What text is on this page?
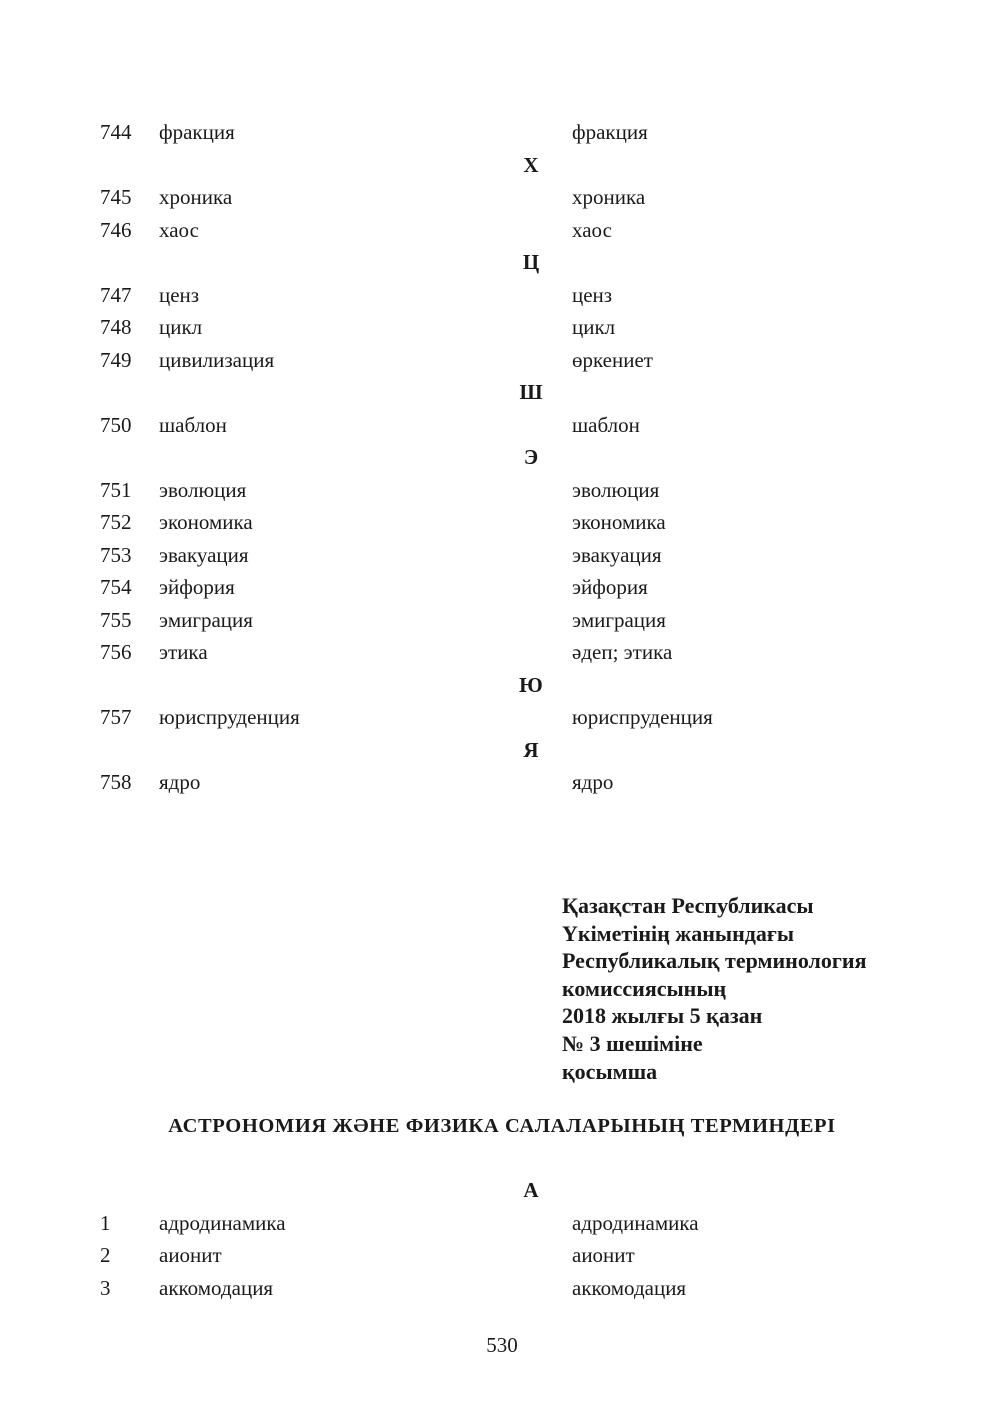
744 фракция	фракция
Х
745 хроника	хроника
746 хаос	хаос
Ц
747 ценз	ценз
748 цикл	цикл
749 цивилизация	өркениет
Ш
750 шаблон	шаблон
Э
751 эволюция	эволюция
752 экономика	экономика
753 эвакуация	эвакуация
754 эйфория	эйфория
755 эмиграция	эмиграция
756 этика	әдеп; этика
Ю
757 юриспруденция	юриспруденция
Я
758 ядро	ядро
Қазақстан Республикасы
Үкіметінің жанындағы
Республикалық терминология
комиссиясының
2018 жылғы 5 қазан
№ 3 шешіміне
қосымша
АСТРОНОМИЯ ЖӘНЕ ФИЗИКА САЛАЛАРЫНЫҢ ТЕРМИНДЕРІ
А
1 адродинамика	адродинамика
2 аионит	аионит
3 аккомодация	аккомодация
530
